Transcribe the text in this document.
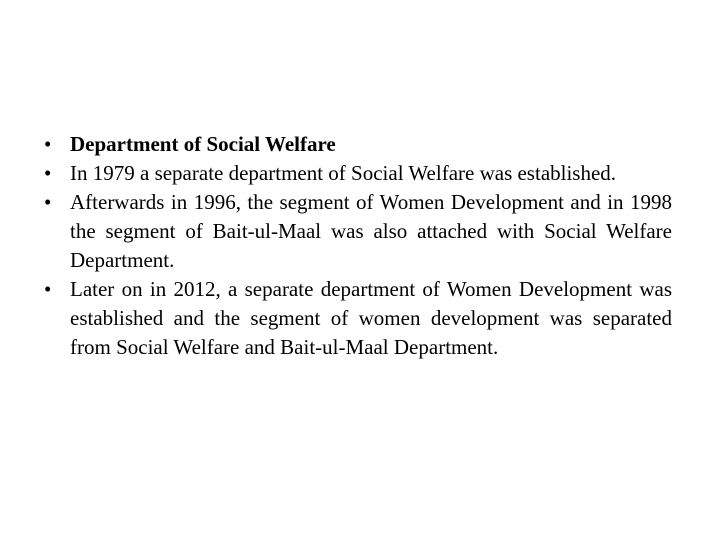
• Department of Social Welfare
• In 1979 a separate department of Social Welfare was established.
• Afterwards in 1996, the segment of Women Development and in 1998 the segment of Bait-ul-Maal was also attached with Social Welfare Department.
• Later on in 2012, a separate department of Women Development was established and the segment of women development was separated from Social Welfare and Bait-ul-Maal Department.
